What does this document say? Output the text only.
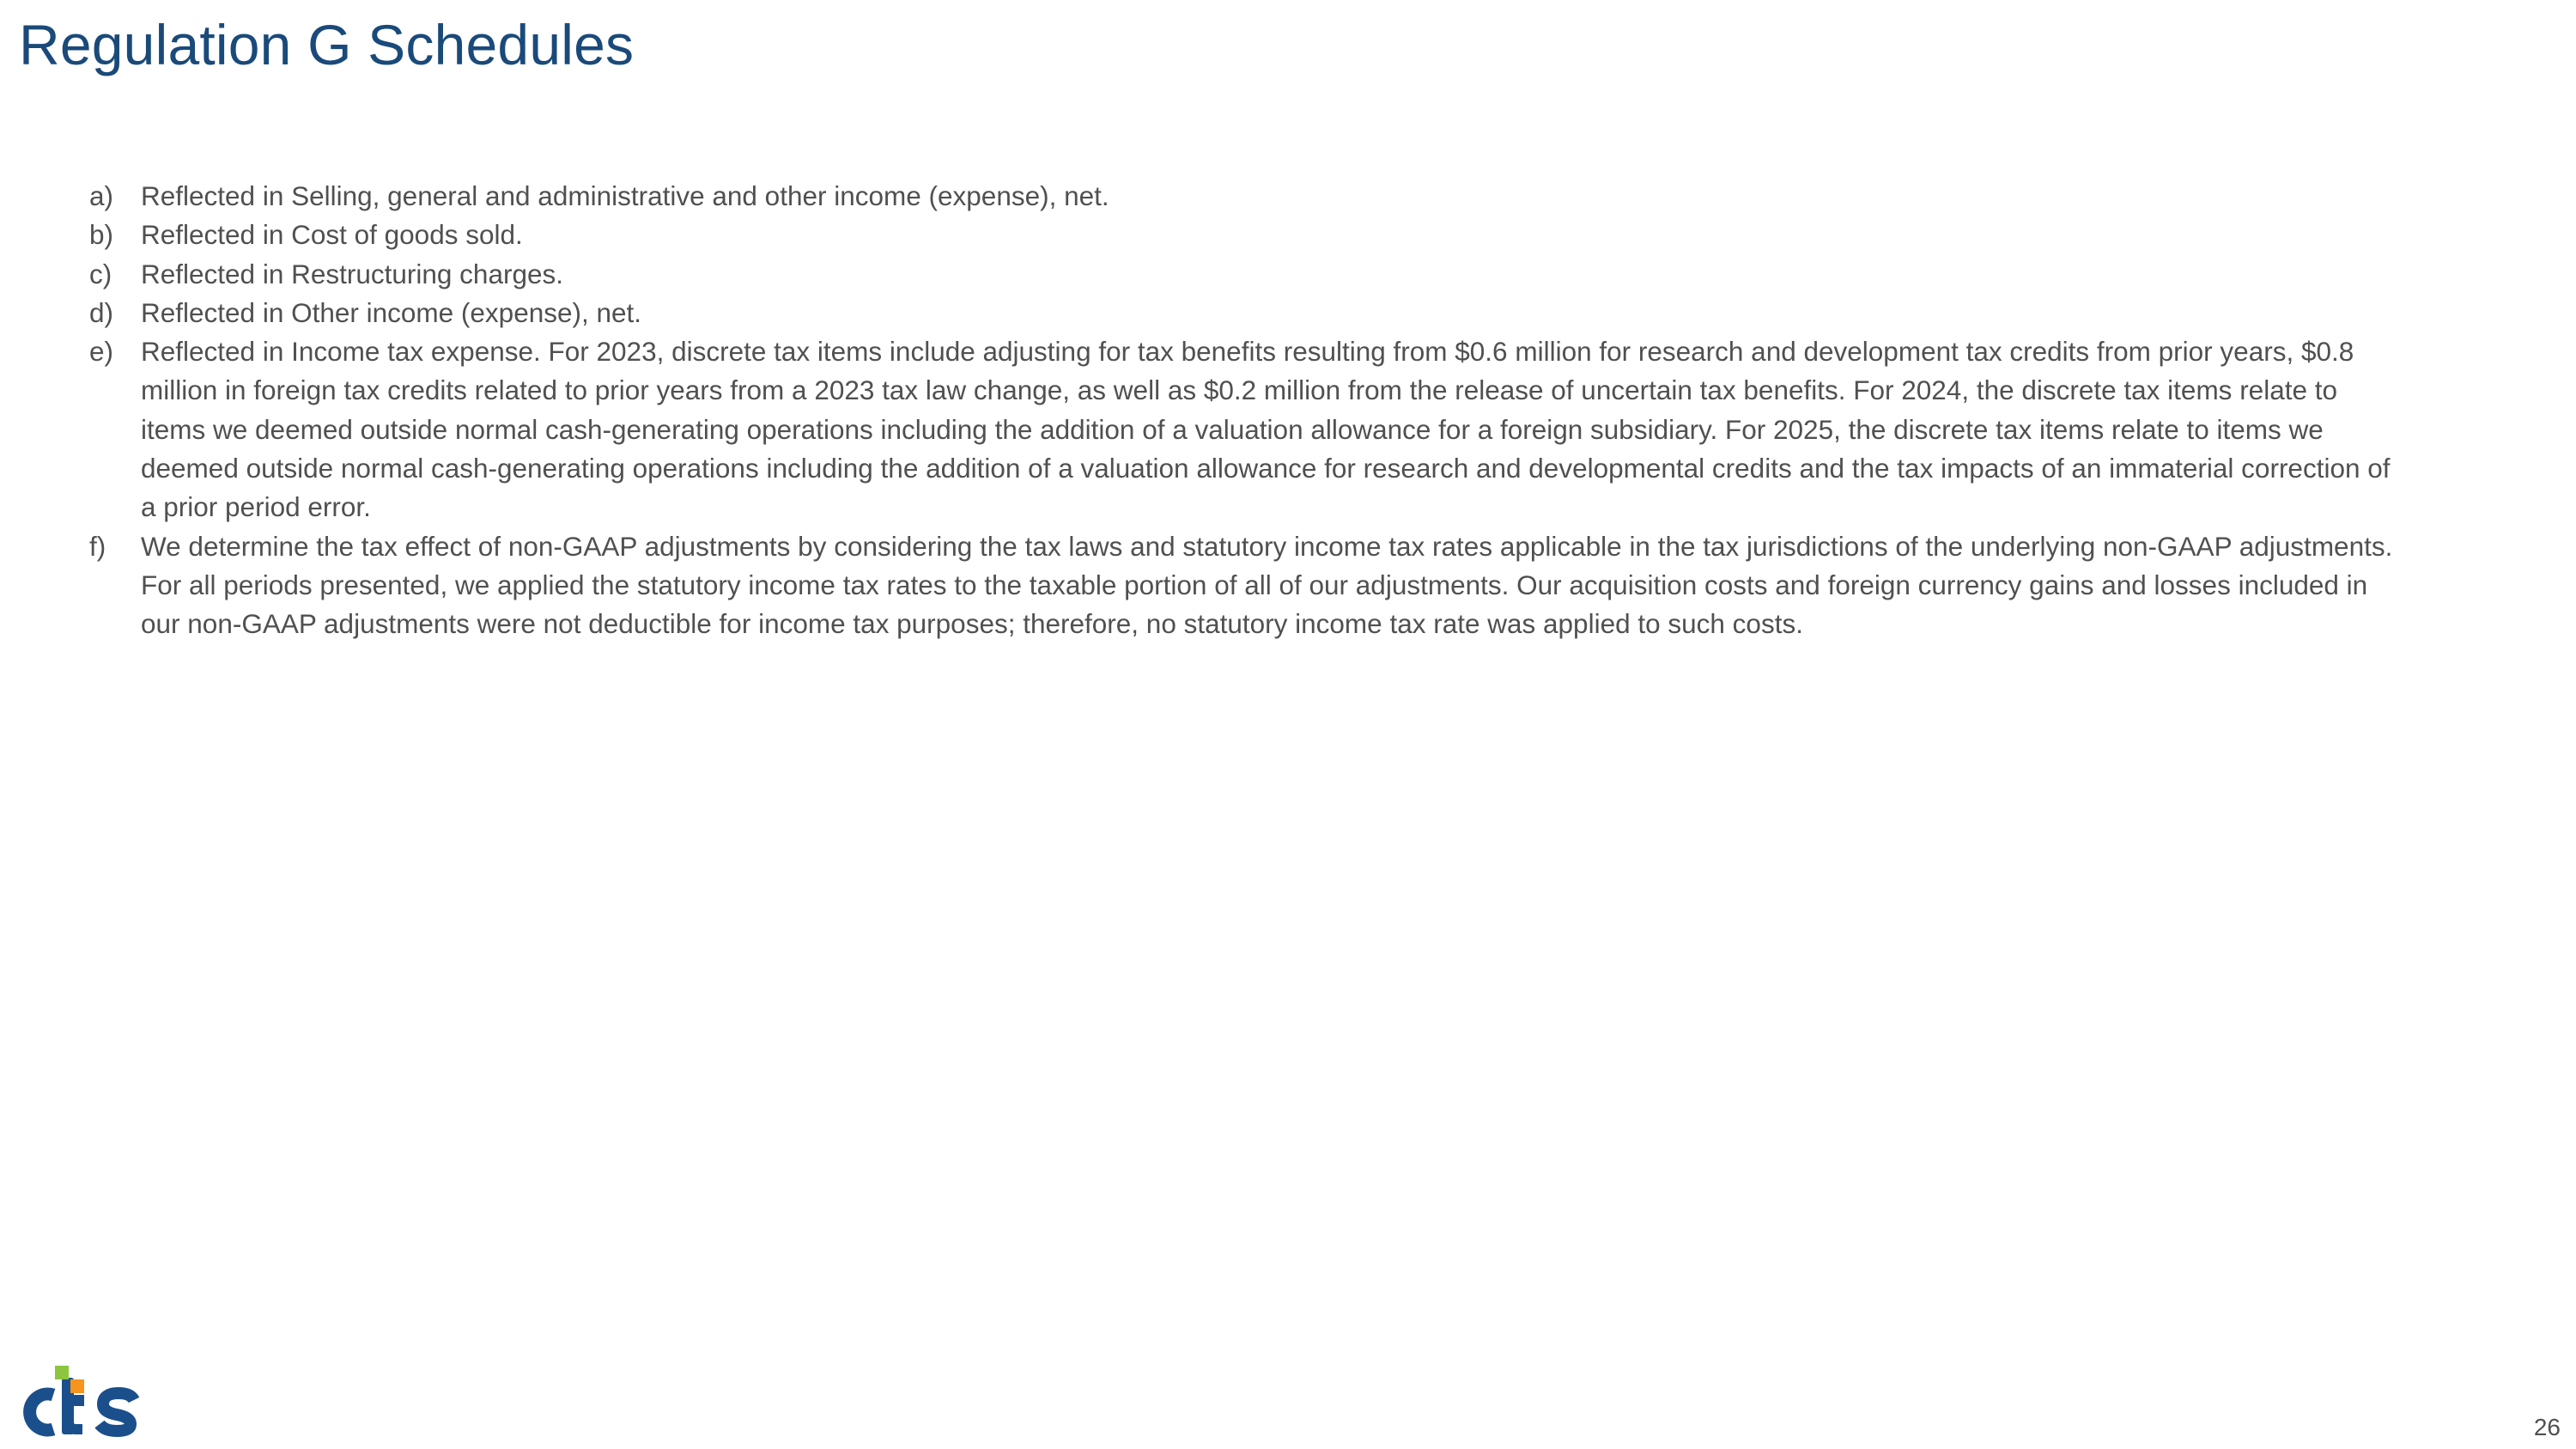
Regulation G Schedules
a)	Reflected in Selling, general and administrative and other income (expense), net.
b)	Reflected in Cost of goods sold.
c)	Reflected in Restructuring charges.
d)	Reflected in Other income (expense), net.
e)	Reflected in Income tax expense. For 2023, discrete tax items include adjusting for tax benefits resulting from $0.6 million for research and development tax credits from prior years, $0.8 million in foreign tax credits related to prior years from a 2023 tax law change, as well as $0.2 million from the release of uncertain tax benefits. For 2024, the discrete tax items relate to items we deemed outside normal cash-generating operations including the addition of a valuation allowance for a foreign subsidiary. For 2025, the discrete tax items relate to items we deemed outside normal cash-generating operations including the addition of a valuation allowance for research and developmental credits and the tax impacts of an immaterial correction of a prior period error.
f)	We determine the tax effect of non-GAAP adjustments by considering the tax laws and statutory income tax rates applicable in the tax jurisdictions of the underlying non-GAAP adjustments. For all periods presented, we applied the statutory income tax rates to the taxable portion of all of our adjustments. Our acquisition costs and foreign currency gains and losses included in our non-GAAP adjustments were not deductible for income tax purposes; therefore, no statutory income tax rate was applied to such costs.
26
